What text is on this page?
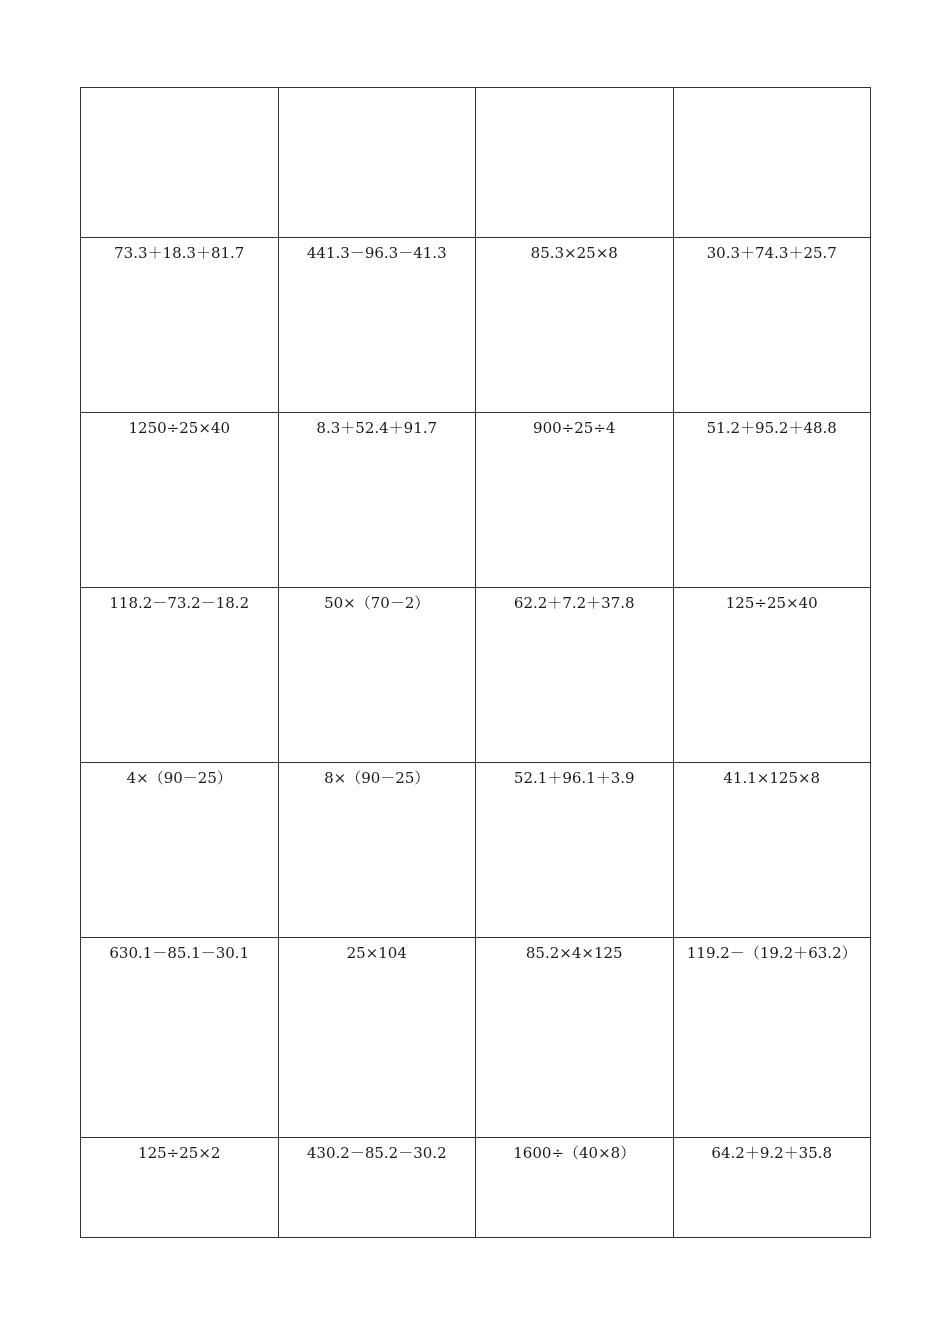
73.3＋18.3＋81.7	441.3－96.3－41.3	85.3×25×8	30.3＋74.3＋25.7

1250÷25×40	8.3＋52.4＋91.7	900÷25÷4	51.2＋95.2＋48.8

118.2－73.2－18.2	50×（70－2）	62.2＋7.2＋37.8	125÷25×40

4×（90－25）	8×（90－25）	52.1＋96.1＋3.9	41.1×125×8

630.1－85.1－30.1	25×104	85.2×4×125	119.2－（19.2＋63.2）

125÷25×2	430.2－85.2－30.2	1600÷（40×8）	64.2＋9.2＋35.8
